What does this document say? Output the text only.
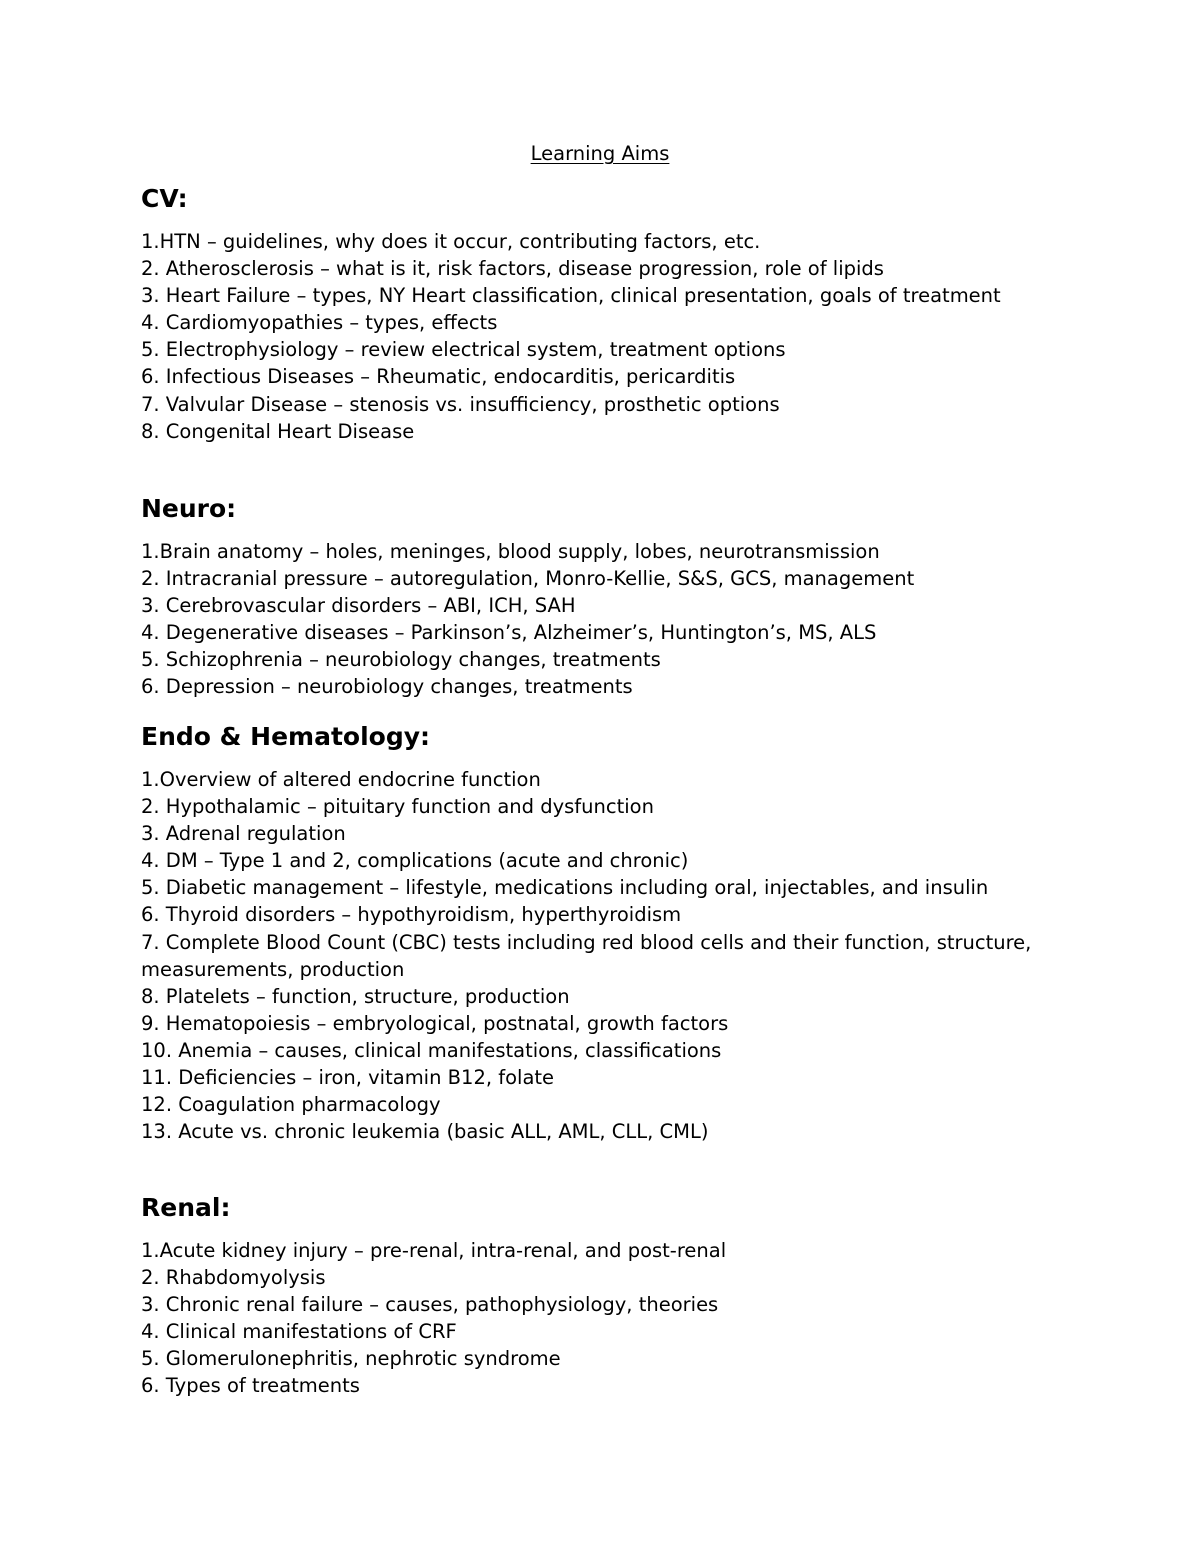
Learning Aims
CV:
1.HTN – guidelines, why does it occur, contributing factors, etc.
2. Atherosclerosis – what is it, risk factors, disease progression, role of lipids
3. Heart Failure – types, NY Heart classification, clinical presentation, goals of treatment
4. Cardiomyopathies – types, effects
5. Electrophysiology – review electrical system, treatment options
6. Infectious Diseases – Rheumatic, endocarditis, pericarditis
7. Valvular Disease – stenosis vs. insufficiency, prosthetic options
8. Congenital Heart Disease
Neuro:
1.Brain anatomy – holes, meninges, blood supply, lobes, neurotransmission
2. Intracranial pressure – autoregulation, Monro-Kellie, S&S, GCS, management
3. Cerebrovascular disorders – ABI, ICH, SAH
4. Degenerative diseases – Parkinson’s, Alzheimer’s, Huntington’s, MS, ALS
5. Schizophrenia – neurobiology changes, treatments
6. Depression – neurobiology changes, treatments
Endo & Hematology:
1.Overview of altered endocrine function
2. Hypothalamic – pituitary function and dysfunction
3. Adrenal regulation
4. DM – Type 1 and 2, complications (acute and chronic)
5. Diabetic management – lifestyle, medications including oral, injectables, and insulin
6. Thyroid disorders – hypothyroidism, hyperthyroidism
7. Complete Blood Count (CBC) tests including red blood cells and their function, structure, measurements, production
8. Platelets – function, structure, production
9. Hematopoiesis – embryological, postnatal, growth factors
10. Anemia – causes, clinical manifestations, classifications
11. Deficiencies – iron, vitamin B12, folate
12. Coagulation pharmacology
13. Acute vs. chronic leukemia (basic ALL, AML, CLL, CML)
Renal:
1.Acute kidney injury – pre-renal, intra-renal, and post-renal
2. Rhabdomyolysis
3. Chronic renal failure – causes, pathophysiology, theories
4. Clinical manifestations of CRF
5. Glomerulonephritis, nephrotic syndrome
6. Types of treatments
